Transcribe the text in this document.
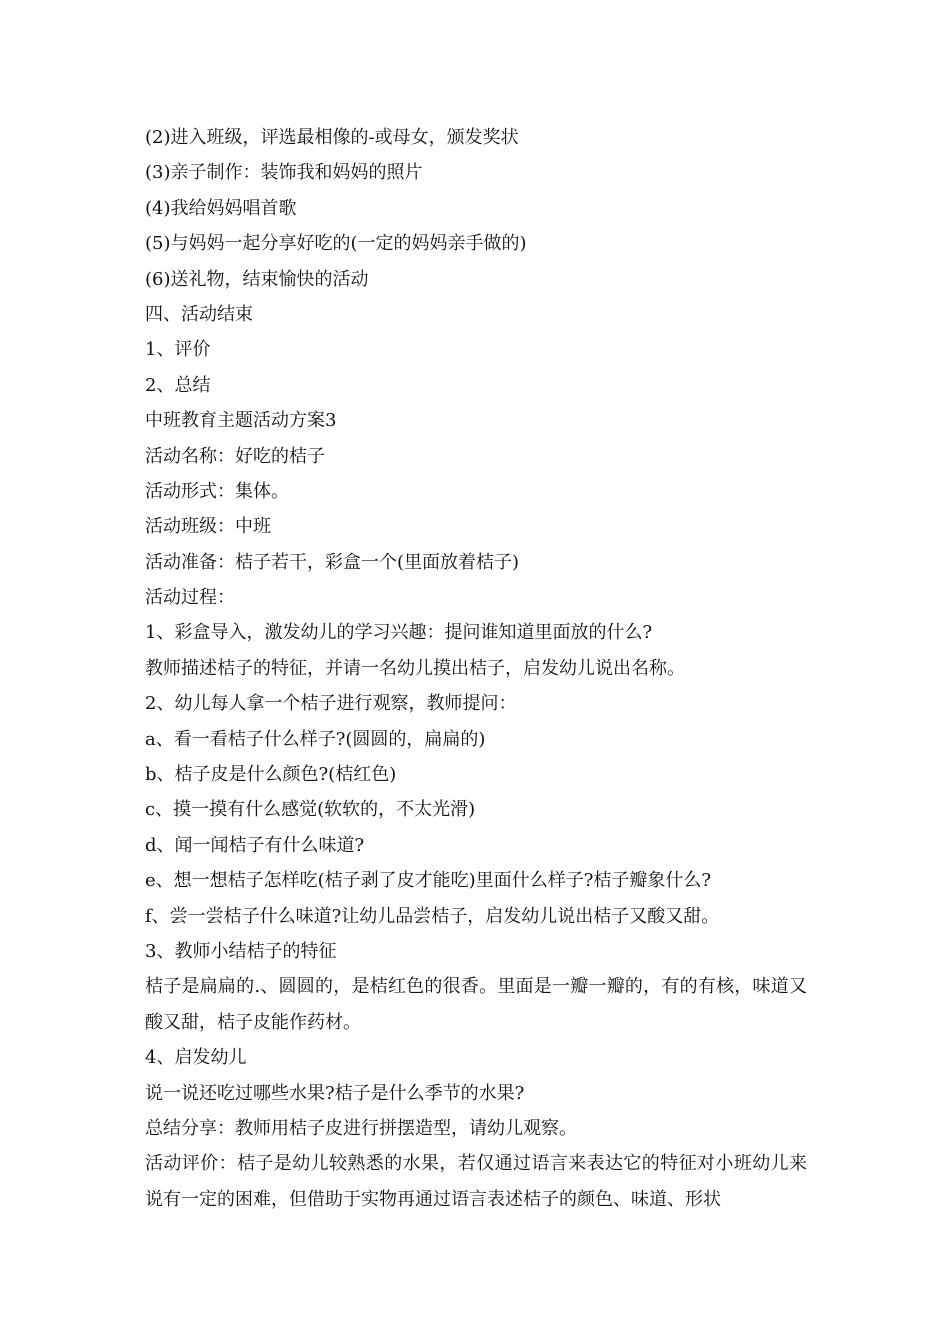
(2)进入班级，评选最相像的-或母女，颁发奖状
(3)亲子制作：装饰我和妈妈的照片
(4)我给妈妈唱首歌
(5)与妈妈一起分享好吃的(一定的妈妈亲手做的)
(6)送礼物，结束愉快的活动
四、活动结束
1、评价
2、总结
中班教育主题活动方案3
活动名称：好吃的桔子
活动形式：集体。
活动班级：中班
活动准备：桔子若干，彩盒一个(里面放着桔子)
活动过程：
1、彩盒导入，激发幼儿的学习兴趣：提问谁知道里面放的什么?
教师描述桔子的特征，并请一名幼儿摸出桔子，启发幼儿说出名称。
2、幼儿每人拿一个桔子进行观察，教师提问：
a、看一看桔子什么样子?(圆圆的，扁扁的)
b、桔子皮是什么颜色?(桔红色)
c、摸一摸有什么感觉(软软的，不太光滑)
d、闻一闻桔子有什么味道?
e、想一想桔子怎样吃(桔子剥了皮才能吃)里面什么样子?桔子瓣象什么?
f、尝一尝桔子什么味道?让幼儿品尝桔子，启发幼儿说出桔子又酸又甜。
3、教师小结桔子的特征
桔子是扁扁的.、圆圆的，是桔红色的很香。里面是一瓣一瓣的，有的有核，味道又酸又甜，桔子皮能作药材。
4、启发幼儿
说一说还吃过哪些水果?桔子是什么季节的水果?
总结分享：教师用桔子皮进行拼摆造型，请幼儿观察。
活动评价：桔子是幼儿较熟悉的水果，若仅通过语言来表达它的特征对小班幼儿来说有一定的困难，但借助于实物再通过语言表述桔子的颜色、味道、形状
